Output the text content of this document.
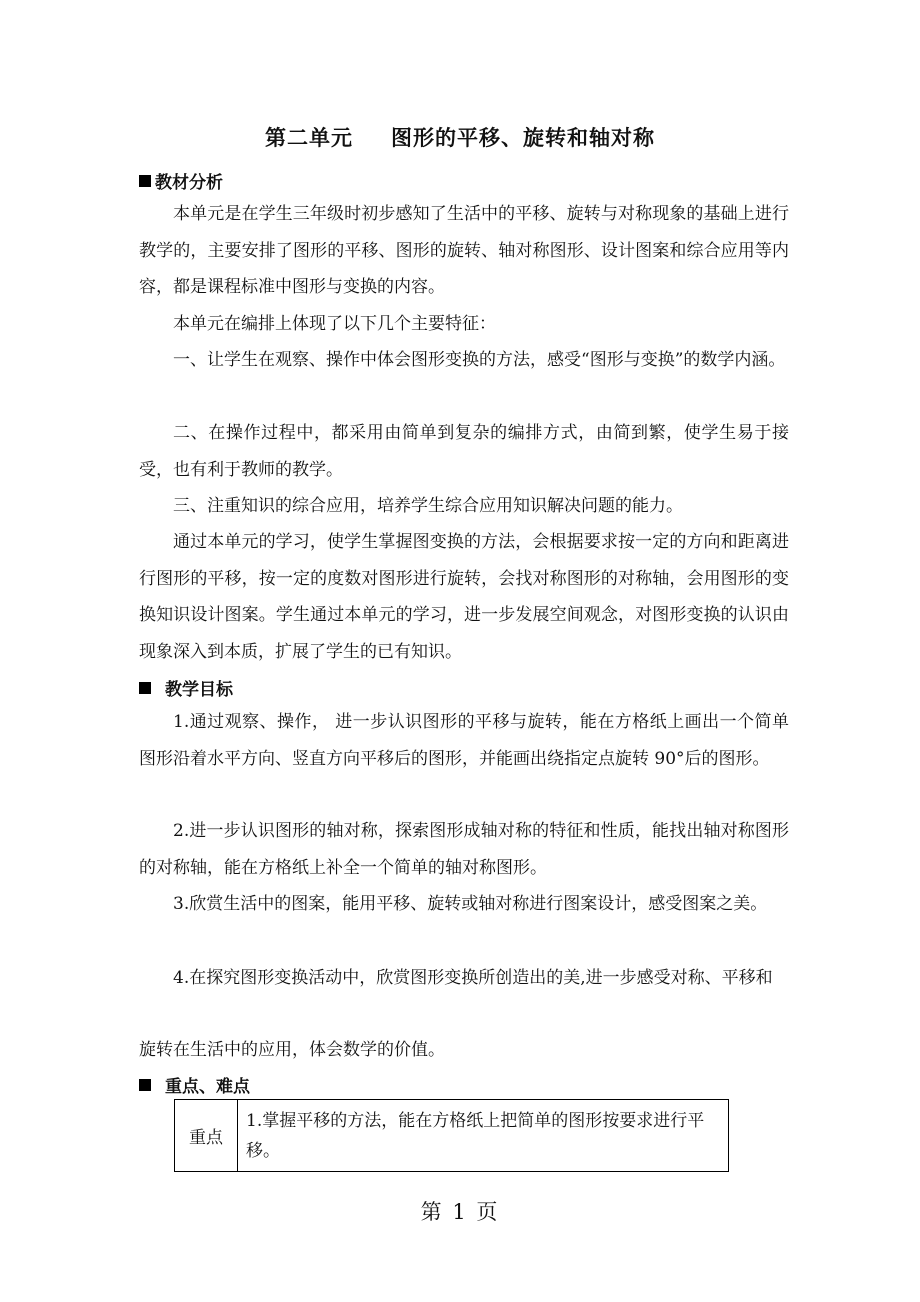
第二单元 图形的平移、旋转和轴对称
教材分析

本单元是在学生三年级时初步感知了生活中的平移、旋转与对称现象的基础上进行教学的，主要安排了图形的平移、图形的旋转、轴对称图形、设计图案和综合应用等内容，都是课程标准中图形与变换的内容。

本单元在编排上体现了以下几个主要特征：

一、让学生在观察、操作中体会图形变换的方法，感受“图形与变换”的数学内涵。

二、在操作过程中，都采用由简单到复杂的编排方式，由简到繁，使学生易于接受，也有利于教师的教学。

三、注重知识的综合应用，培养学生综合应用知识解决问题的能力。

通过本单元的学习，使学生掌握图变换的方法，会根据要求按一定的方向和距离进行图形的平移，按一定的度数对图形进行旋转，会找对称图形的对称轴，会用图形的变换知识设计图案。学生通过本单元的学习，进一步发展空间观念，对图形变换的认识由现象深入到本质，扩展了学生的已有知识。

教学目标

1.通过观察、操作， 进一步认识图形的平移与旋转，能在方格纸上画出一个简单图形沿着水平方向、竖直方向平移后的图形，并能画出绕指定点旋转 90°后的图形。

2.进一步认识图形的轴对称，探索图形成轴对称的特征和性质，能找出轴对称图形的对称轴，能在方格纸上补全一个简单的轴对称图形。

3.欣赏生活中的图案，能用平移、旋转或轴对称进行图案设计，感受图案之美。

4.在探究图形变换活动中，欣赏图形变换所创造出的美,进一步感受对称、平移和

旋转在生活中的应用，体会数学的价值。

重点、难点
重点
1.掌握平移的方法，能在方格纸上把简单的图形按要求进行平移。
第 1 页
